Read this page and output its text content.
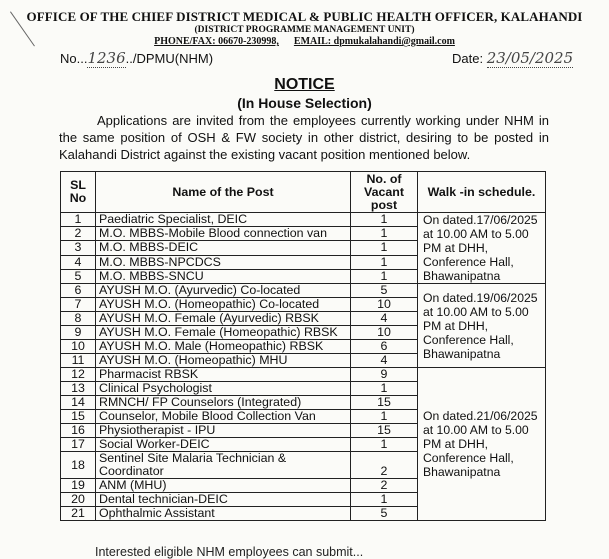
OFFICE OF THE CHIEF DISTRICT MEDICAL & PUBLIC HEALTH OFFICER, KALAHANDI
(DISTRICT PROGRAMME MANAGEMENT UNIT)
PHONE/FAX: 06670-230998, EMAIL: dpmukalahandi@gmail.com
No...1236../DPMU(NHM)	Date: 23/05/2025
NOTICE
(In House Selection)
Applications are invited from the employees currently working under NHM in the same position of OSH & FW society in other district, desiring to be posted in Kalahandi District against the existing vacant position mentioned below.
SL No	Name of the Post	No. of Vacant post	Walk -in schedule.
1	Paediatric Specialist, DEIC	1	On dated.17/06/2025 at 10.00 AM to 5.00 PM at DHH, Conference Hall, Bhawanipatna
2	M.O. MBBS-Mobile Blood connection van	1	
3	M.O. MBBS-DEIC	1	
4	M.O. MBBS-NPCDCS	1	
5	M.O. MBBS-SNCU	1	
6	AYUSH M.O. (Ayurvedic) Co-located	5	On dated.19/06/2025 at 10.00 AM to 5.00 PM at DHH, Conference Hall, Bhawanipatna
7	AYUSH M.O. (Homeopathic) Co-located	10	
8	AYUSH M.O. Female (Ayurvedic) RBSK	4	
9	AYUSH M.O. Female (Homeopathic) RBSK	10	
10	AYUSH M.O. Male (Homeopathic) RBSK	6	
11	AYUSH M.O. (Homeopathic) MHU	4	
12	Pharmacist RBSK	9	On dated.21/06/2025 at 10.00 AM to 5.00 PM at DHH, Conference Hall, Bhawanipatna
13	Clinical Psychologist	1	
14	RMNCH/ FP Counselors (Integrated)	15	
15	Counselor, Mobile Blood Collection Van	1	
16	Physiotherapist - IPU	15	
17	Social Worker-DEIC	1	
18	Sentinel Site Malaria Technician & Coordinator	2	
19	ANM (MHU)	2	
20	Dental technician-DEIC	1	
21	Ophthalmic Assistant	5	
Interested eligible NHM employees can submit...
